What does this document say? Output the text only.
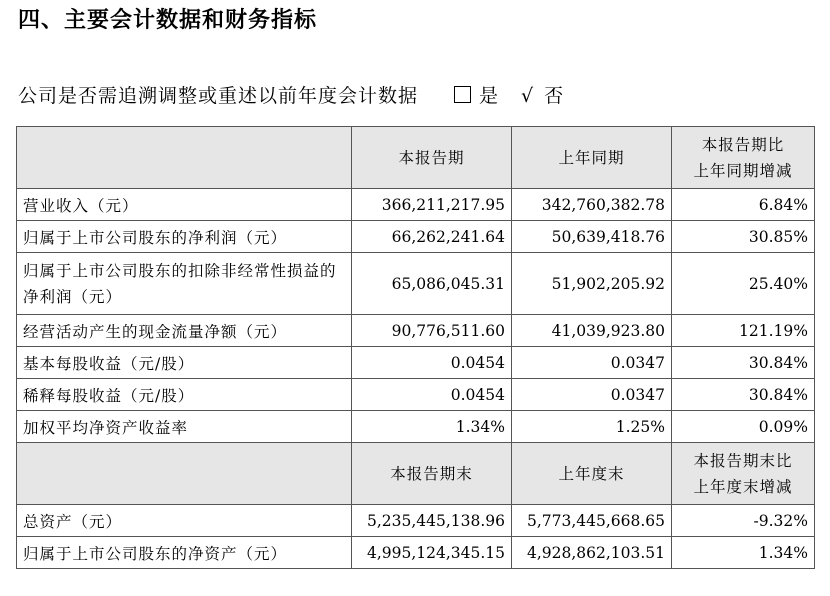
四、主要会计数据和财务指标
公司是否需追溯调整或重述以前年度会计数据	是 √ 否
	本报告期	上年同期	本报告期比
上年同期增减

营业收入（元）	366,211,217.95	342,760,382.78	6.84%
归属于上市公司股东的净利润（元）	66,262,241.64	50,639,418.76	30.85%
归属于上市公司股东的扣除非经常性损益的净利润（元）	65,086,045.31	51,902,205.92	25.40%
经营活动产生的现金流量净额（元）	90,776,511.60	41,039,923.80	121.19%
基本每股收益（元/股）	0.0454	0.0347	30.84%
稀释每股收益（元/股）	0.0454	0.0347	30.84%
加权平均净资产收益率	1.34%	1.25%	0.09%
	本报告期末	上年度末	本报告期末比
上年度末增减

总资产（元）	5,235,445,138.96	5,773,445,668.65	-9.32%
归属于上市公司股东的净资产（元）	4,995,124,345.15	4,928,862,103.51	1.34%
